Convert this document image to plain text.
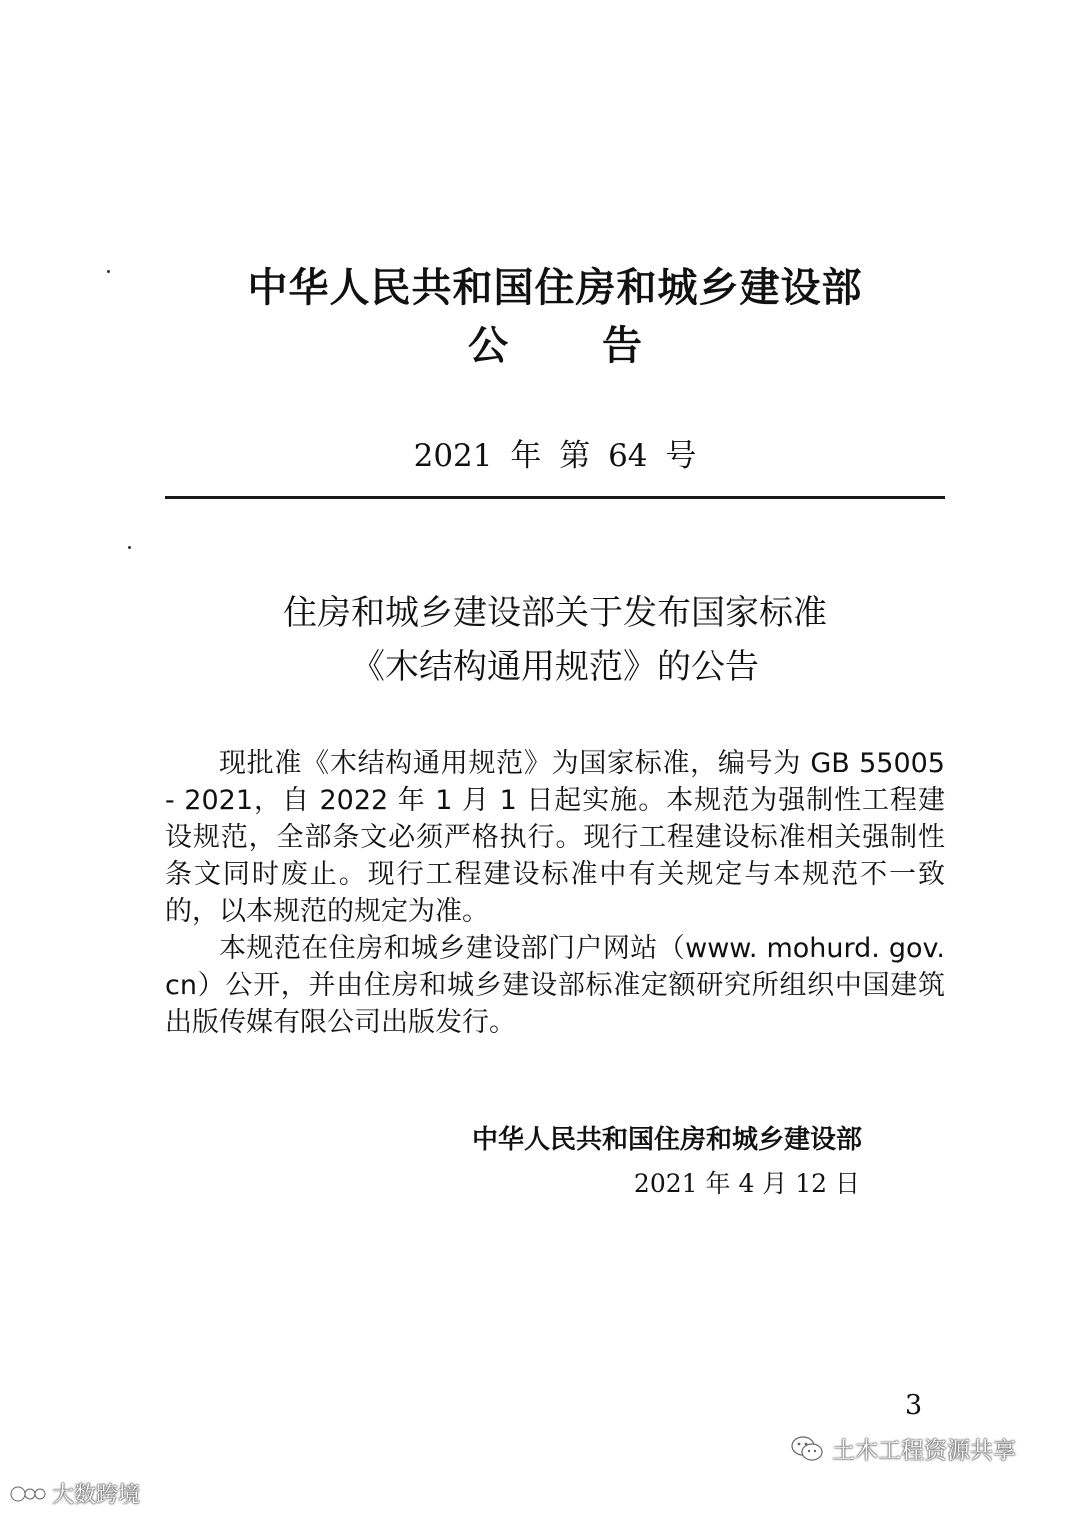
中华人民共和国住房和城乡建设部
公告
2021 年 第 64 号
住房和城乡建设部关于发布国家标准
《木结构通用规范》的公告

现批准《木结构通用规范》为国家标准，编号为 GB 55005 - 2021，自 2022 年 1 月 1 日起实施。本规范为强制性工程建设规范，全部条文必须严格执行。现行工程建设标准相关强制性条文同时废止。现行工程建设标准中有关规定与本规范不一致的，以本规范的规定为准。

本规范在住房和城乡建设部门户网站（www. mohurd. gov. cn）公开，并由住房和城乡建设部标准定额研究所组织中国建筑出版传媒有限公司出版发行。

中华人民共和国住房和城乡建设部
2021 年 4 月 12 日
3
大数跨境
土木工程资源共享
